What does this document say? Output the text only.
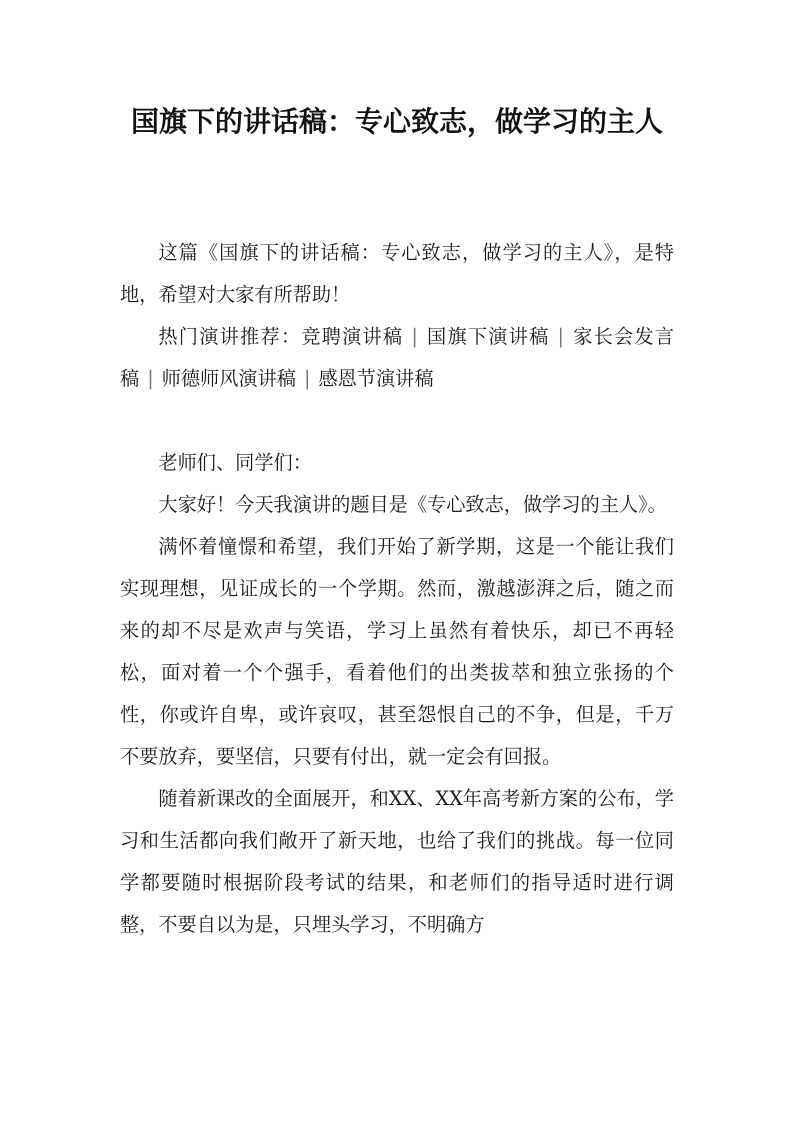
国旗下的讲话稿：专心致志，做学习的主人

这篇《国旗下的讲话稿：专心致志，做学习的主人》，是特地，希望对大家有所帮助！

热门演讲推荐：竞聘演讲稿 | 国旗下演讲稿 | 家长会发言稿 | 师德师风演讲稿 | 感恩节演讲稿

老师们、同学们：

大家好！今天我演讲的题目是《专心致志，做学习的主人》。

满怀着憧憬和希望，我们开始了新学期，这是一个能让我们实现理想，见证成长的一个学期。然而，激越澎湃之后，随之而来的却不尽是欢声与笑语，学习上虽然有着快乐，却已不再轻松，面对着一个个强手，看着他们的出类拔萃和独立张扬的个性，你或许自卑，或许哀叹，甚至怨恨自己的不争，但是，千万不要放弃，要坚信，只要有付出，就一定会有回报。

随着新课改的全面展开，和XX、XX年高考新方案的公布，学习和生活都向我们敞开了新天地，也给了我们的挑战。每一位同学都要随时根据阶段考试的结果，和老师们的指导适时进行调整，不要自以为是，只埋头学习，不明确方
